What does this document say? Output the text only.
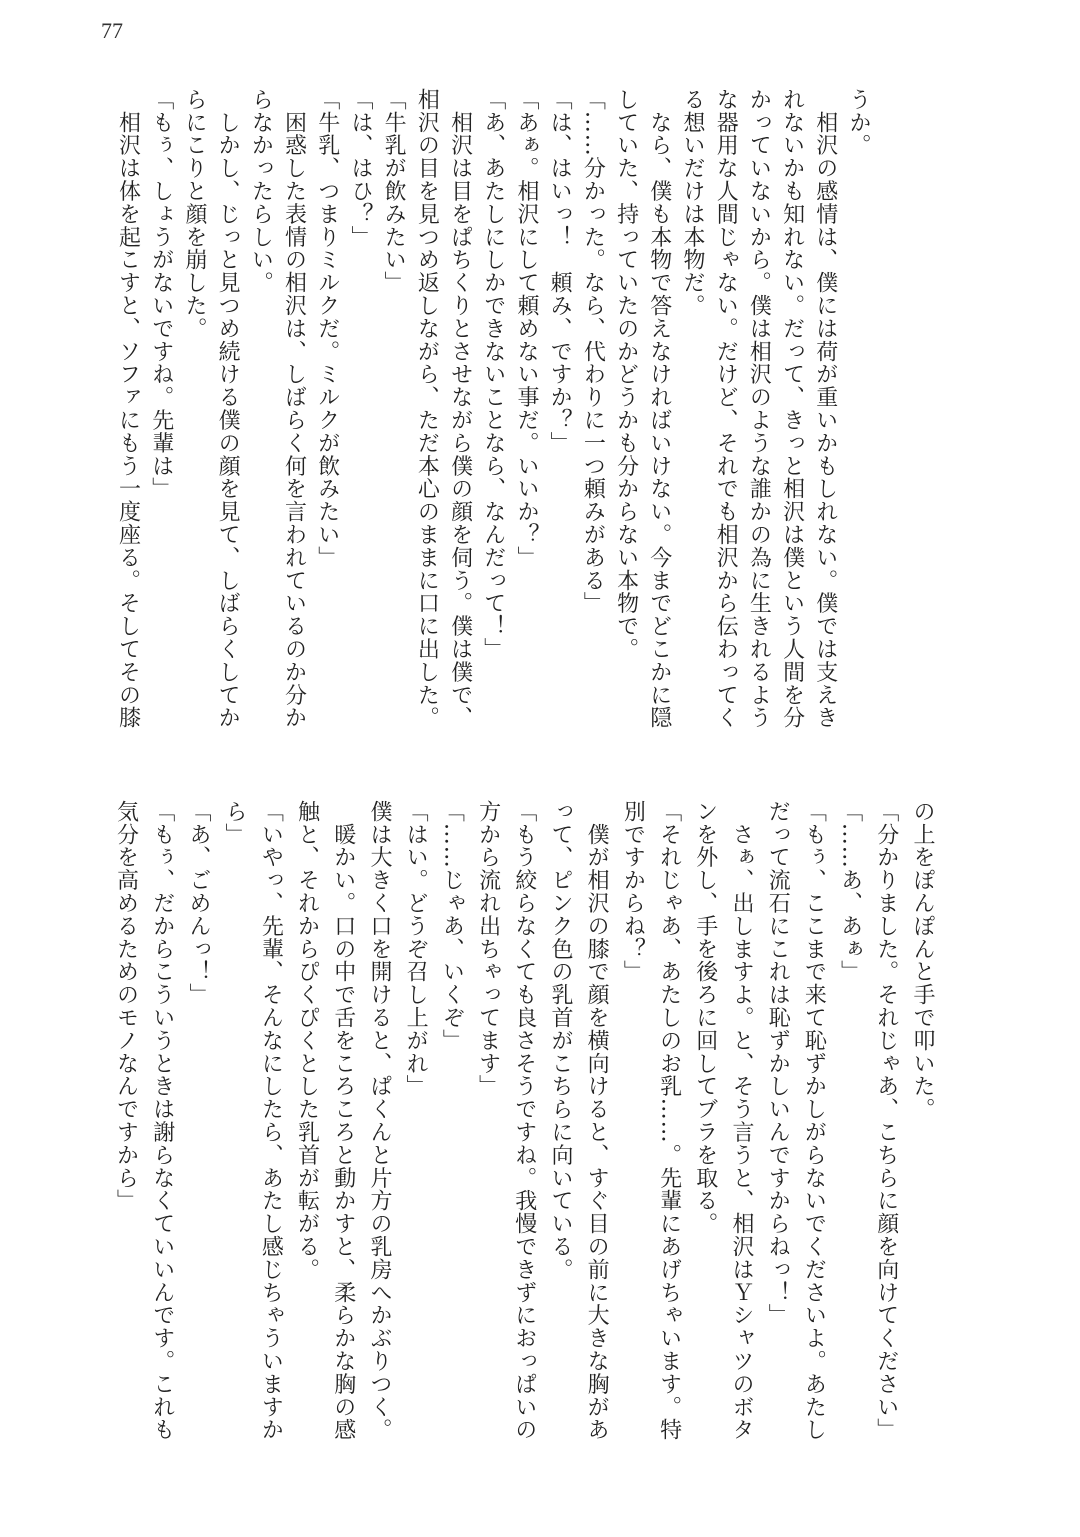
77
うか。
　相沢の感情は、僕には荷が重いかもしれない。僕では支えき
れないかも知れない。だって、きっと相沢は僕という人間を分
かっていないから。僕は相沢のような誰かの為に生きれるよう
な器用な人間じゃない。だけど、それでも相沢から伝わってく
る想いだけは本物だ。
　なら、僕も本物で答えなければいけない。今までどこかに隠
していた、持っていたのかどうかも分からない本物で。
「……分かった。なら、代わりに一つ頼みがある」
「は、はいっ！　頼み、ですか？」
「あぁ。相沢にして頼めない事だ。いいか？」
「あ、あたしにしかできないことなら、なんだって！」
　相沢は目をぱちくりとさせながら僕の顔を伺う。僕は僕で、
相沢の目を見つめ返しながら、ただ本心のままに口に出した。
「牛乳が飲みたい」
「は、はひ？」
「牛乳、つまりミルクだ。ミルクが飲みたい」
　困惑した表情の相沢は、しばらく何を言われているのか分か
らなかったらしい。
　しかし、じっと見つめ続ける僕の顔を見て、しばらくしてか
らにこりと顔を崩した。
「もぅ、しょうがないですね。先輩は」
　相沢は体を起こすと、ソファにもう一度座る。そしてその膝
の上をぽんぽんと手で叩いた。
「分かりました。それじゃあ、こちらに顔を向けてください」
「……あ、あぁ」
「もぅ、ここまで来て恥ずかしがらないでくださいよ。あたし
だって流石にこれは恥ずかしいんですからねっ！」
　さぁ、出しますよ。と、そう言うと、相沢はＹシャツのボタ
ンを外し、手を後ろに回してブラを取る。
「それじゃあ、あたしのお乳……。先輩にあげちゃいます。特
別ですからね？」
　僕が相沢の膝で顔を横向けると、すぐ目の前に大きな胸があ
って、ピンク色の乳首がこちらに向いている。
「もう絞らなくても良さそうですね。我慢できずにおっぱいの
方から流れ出ちゃってます」
「……じゃあ、いくぞ」
「はい。どうぞ召し上がれ」
僕は大きく口を開けると、ぱくんと片方の乳房へかぶりつく。
　暖かい。口の中で舌をころころと動かすと、柔らかな胸の感
触と、それからぴくぴくとした乳首が転がる。
「いやっ、先輩、そんなにしたら、あたし感じちゃういますか
ら」
「あ、ごめんっ！」
「もぅ、だからこういうときは謝らなくていいんです。これも
気分を高めるためのモノなんですから」
